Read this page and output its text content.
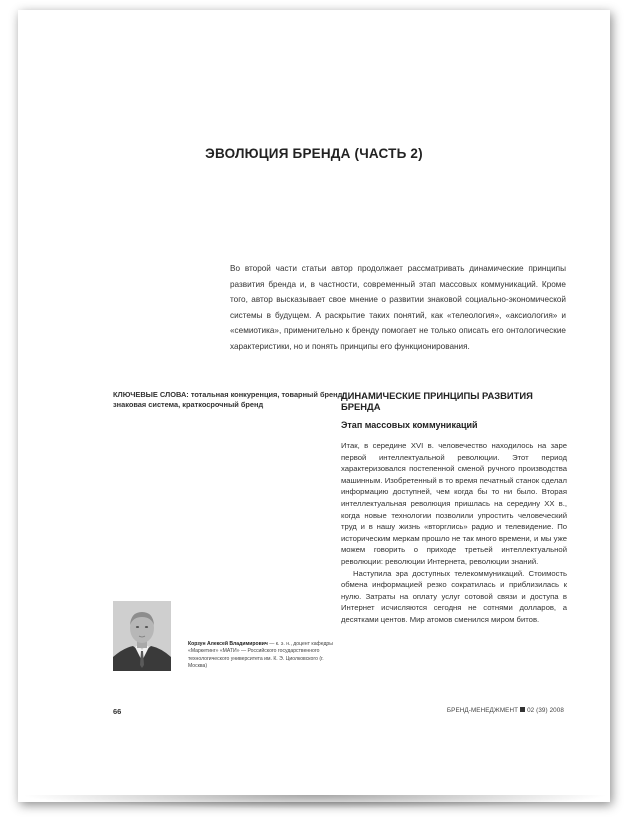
ЭВОЛЮЦИЯ БРЕНДА (ЧАСТЬ 2)
Во второй части статьи автор продолжает рассматривать динамические принципы развития бренда и, в частности, современный этап массовых коммуникаций. Кроме того, автор высказывает свое мнение о развитии знаковой социально-экономической системы в будущем. А раскрытие таких понятий, как «телеология», «аксиология» и «семиотика», применительно к бренду помогает не только описать его онтологические характеристики, но и понять принципы его функционирования.
КЛЮЧЕВЫЕ СЛОВА: тотальная конкуренция, товарный бренд, знаковая система, краткосрочный бренд
ДИНАМИЧЕСКИЕ ПРИНЦИПЫ РАЗВИТИЯ БРЕНДА
Этап массовых коммуникаций

Итак, в середине XVI в. человечество находилось на заре первой интеллектуальной революции. Этот период характеризовался постепенной сменой ручного производства машинным. Изобретенный в то время печатный станок сделал информацию доступней, чем когда бы то ни было. Вторая интеллектуальная революция пришлась на середину XX в., когда новые технологии позволили упростить человеческий труд и в нашу жизнь «вторглись» радио и телевидение. По историческим меркам прошло не так много времени, и мы уже можем говорить о приходе третьей интеллектуальной революции: революции Интернета, революции знаний.

Наступила эра доступных телекоммуникаций. Стоимость обмена информацией резко сократилась и приблизилась к нулю. Затраты на оплату услуг сотовой связи и доступа в Интернет исчисляются сегодня не сотнями долларов, а десятками центов. Мир атомов сменился миром битов.

Корзун Алексей Владимирович — к. э. н., доцент кафедры «Маркетинг» «МАТИ» — Российского государственного технологического университета им. К. Э. Циолковского (г. Москва)
66	БРЕНД-МЕНЕДЖМЕНТ 02 (39) 2008
